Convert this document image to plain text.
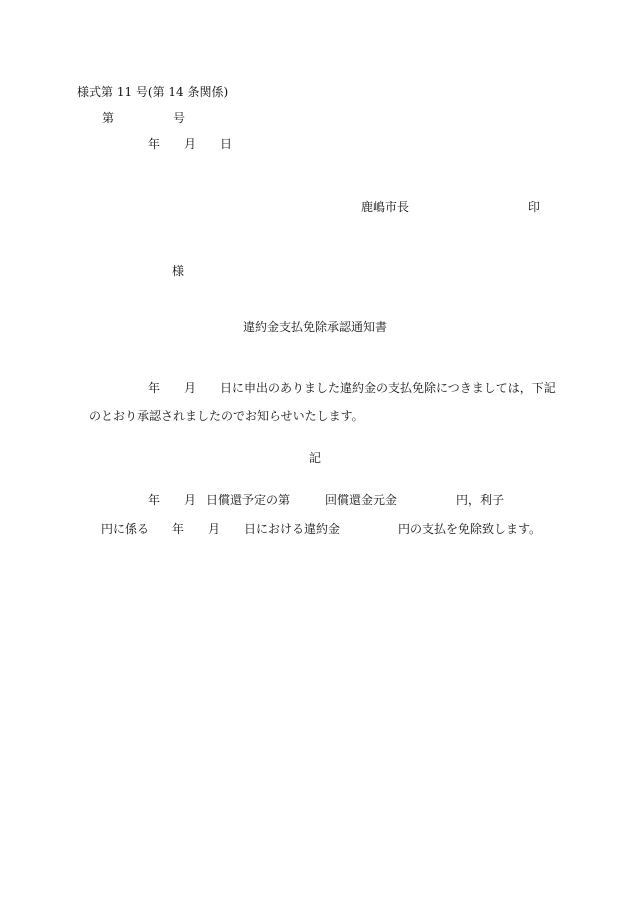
様式第 11 号(第 14 条関係)
第	号
年 月 日
鹿嶋市長	印
様
違約金支払免除承認通知書
年 月 日に申出のありました違約金の支払免除につきましては，下記
のとおり承認されましたのでお知らせいたします。
記
年 月 日償還予定の第	回償還金元金	円，利子
円に係る 年 月 日における違約金	円の支払を免除致します。
